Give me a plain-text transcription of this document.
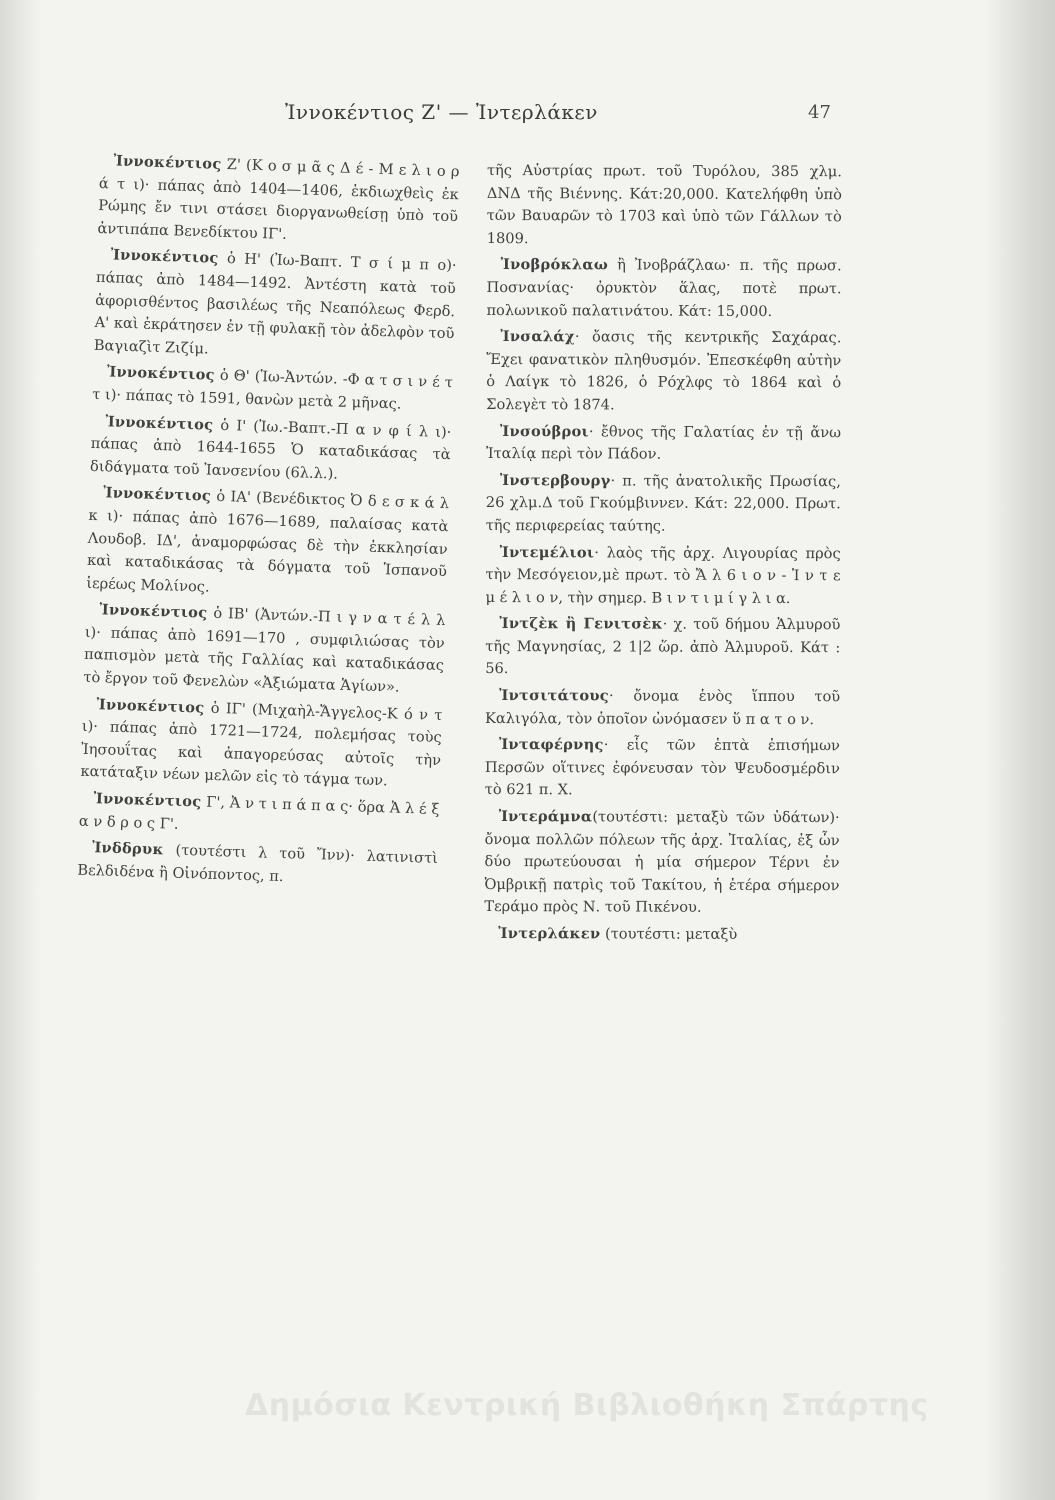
Ἰννοκέντιος Ζ' — Ἰντερλάκεν	47

Ἰννοκέντιος Ζ' (Κ ο σ μ ᾶ ς Δ έ - Μ ε λ ι ο ρ ά τ ι)· πάπας ἀπὸ 1404—1406, ἐκδιωχθεὶς ἐκ Ρώμης ἔν τινι στάσει διοργανωθείσῃ ὑπὸ τοῦ ἀντιπάπα Βενεδίκτου ΙΓ'.

Ἰννοκέντιος ὁ Η' (Ἰω-Βαπτ. Τ σ ί μ π ο)· πάπας ἀπὸ 1484—1492. Ἀντέστη κατὰ τοῦ ἀφορισθέντος βασιλέως τῆς Νεαπόλεως Φερδ. Α' καὶ ἐκράτησεν ἐν τῇ φυλακῇ τὸν ἀδελφὸν τοῦ Βαγιαζὶτ Ζιζίμ.

Ἰννοκέντιος ὁ Θ' (Ἰω-Ἀντών. -Φ α τ σ ι ν έ τ τ ι)· πάπας τὸ 1591, θανὼν μετὰ 2 μῆνας.

Ἰννοκέντιος ὁ Ι' (Ἰω.-Βαπτ.-Π α ν φ ί λ ι)· πάπας ἀπὸ 1644-1655 Ὁ καταδικάσας τὰ διδάγματα τοῦ Ἰανσενίου (6λ.λ.).

Ἰννοκέντιος ὁ ΙΑ' (Βενέδικτος Ὀ δ ε σ κ ά λ κ ι)· πάπας ἀπὸ 1676—1689, παλαίσας κατὰ Λουδοβ. ΙΔ', ἀναμορφώσας δὲ τὴν ἐκκλησίαν καὶ καταδικάσας τὰ δόγματα τοῦ Ἱσπανοῦ ἱερέως Μολίνος.

Ἰννοκέντιος ὁ ΙΒ' (Ἀντών.-Π ι γ ν α τ έ λ λ ι)· πάπας ἀπὸ 1691—170 , συμφιλιώσας τὸν παπισμὸν μετὰ τῆς Γαλλίας καὶ καταδικάσας τὸ ἔργον τοῦ Φενελὼν «Ἀξιώματα Ἁγίων».

Ἰννοκέντιος ὁ ΙΓ' (Μιχαὴλ-Ἄγγελος-Κ ό ν τ ι)· πάπας ἀπὸ 1721—1724, πολεμήσας τοὺς Ἰησουΐτας καὶ ἀπαγορεύσας αὐτοῖς τὴν κατάταξιν νέων μελῶν εἰς τὸ τάγμα των.

Ἰννοκέντιος Γ', Ἀ ν τ ι π ά π α ς· ὅρα Ἀ λ έ ξ α ν δ ρ ο ς Γ'.

Ἰνδδρυκ (τουτέστι λ τοῦ Ἴνν)· λατινιστὶ Βελδιδένα ἢ Οἰνόποντος, π.

τῆς Αὐστρίας πρωτ. τοῦ Τυρόλου, 385 χλμ. ΔΝΔ τῆς Βιέννης. Κάτ:20,000. Κατελήφθη ὑπὸ τῶν Βαυαρῶν τὸ 1703 καὶ ὑπὸ τῶν Γάλλων τὸ 1809.

Ἰνοβρόκλαω ἢ Ἰνοβράζλαω· π. τῆς πρωσ. Ποσνανίας· ὀρυκτὸν ἅλας, ποτὲ πρωτ. πολωνικοῦ παλατινάτου. Κάτ: 15,000.

Ἰνσαλάχ· ὄασις τῆς κεντρικῆς Σαχάρας. Ἔχει φανατικὸν πληθυσμόν. Ἐπεσκέφθη αὐτὴν ὁ Λαίγκ τὸ 1826, ὁ Ρόχλφς τὸ 1864 καὶ ὁ Σολεγὲτ τὸ 1874.

Ἰνσούβροι· ἔθνος τῆς Γαλατίας ἐν τῇ ἄνω Ἰταλίᾳ περὶ τὸν Πάδον.

Ἰνστερβουργ· π. τῆς ἀνατολικῆς Πρωσίας, 26 χλμ.Δ τοῦ Γκούμβιννεν. Κάτ: 22,000. Πρωτ. τῆς περιφερείας ταύτης.

Ἰντεμέλιοι· λαὸς τῆς ἀρχ. Λιγουρίας πρὸς τὴν Μεσόγειον,μὲ πρωτ. τὸ Ἄ λ 6 ι ο ν - Ἰ ν τ ε μ έ λ ι ο ν, τὴν σημερ. Β ι ν τ ι μ ί γ λ ι α.

Ἰντζὲκ ἢ Γενιτσὲκ· χ. τοῦ δήμου Ἁλμυροῦ τῆς Μαγνησίας, 2 1|2 ὥρ. ἀπὸ Ἁλμυροῦ. Κάτ : 56.

Ἰντσιτάτους· ὄνομα ἑνὸς ἵππου τοῦ Καλιγόλα, τὸν ὁποῖον ὠνόμασεν ὕ π α τ ο ν.

Ἰνταφέρνης· εἷς τῶν ἑπτὰ ἐπισήμων Περσῶν οἵτινες ἐφόνευσαν τὸν Ψευδοσμέρδιν τὸ 621 π. Χ.

Ἰντεράμνα(τουτέστι: μεταξὺ τῶν ὑδάτων)· ὄνομα πολλῶν πόλεων τῆς ἀρχ. Ἰταλίας, ἐξ ὧν δύο πρωτεύουσαι ἡ μία σήμερον Τέρνι ἐν Ὀμβρικῇ πατρὶς τοῦ Τακίτου, ἡ ἑτέρα σήμερον Τεράμο πρὸς Ν. τοῦ Πικένου.

Ἰντερλάκεν (τουτέστι: μεταξὺ

Δημόσια Κεντρική Βιβλιοθήκη Σπάρτης
